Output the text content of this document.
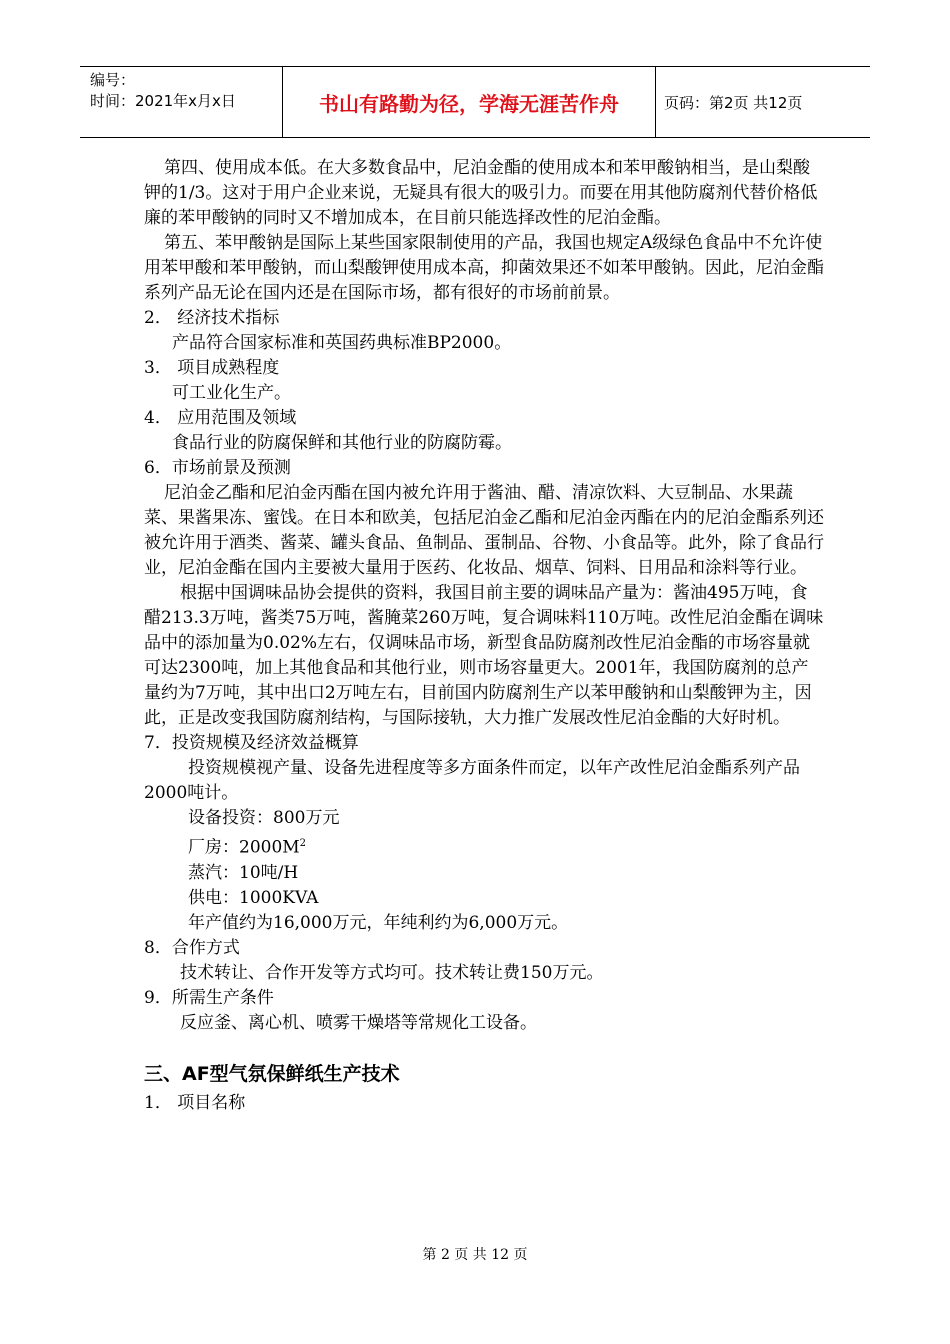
编号：
时间：2021年x月x日	书山有路勤为径，学海无涯苦作舟	页码：第2页 共12页

第四、使用成本低。在大多数食品中，尼泊金酯的使用成本和苯甲酸钠相当，是山梨酸钾的1/3。这对于用户企业来说，无疑具有很大的吸引力。而要在用其他防腐剂代替价格低廉的苯甲酸钠的同时又不增加成本，在目前只能选择改性的尼泊金酯。

第五、苯甲酸钠是国际上某些国家限制使用的产品，我国也规定A级绿色食品中不允许使用苯甲酸和苯甲酸钠，而山梨酸钾使用成本高，抑菌效果还不如苯甲酸钠。因此，尼泊金酯系列产品无论在国内还是在国际市场，都有很好的市场前前景。

2． 经济技术指标

产品符合国家标准和英国药典标准BP2000。

3． 项目成熟程度

可工业化生产。

4． 应用范围及领域

食品行业的防腐保鲜和其他行业的防腐防霉。

6．市场前景及预测

尼泊金乙酯和尼泊金丙酯在国内被允许用于酱油、醋、清凉饮料、大豆制品、水果蔬菜、果酱果冻、蜜饯。在日本和欧美，包括尼泊金乙酯和尼泊金丙酯在内的尼泊金酯系列还被允许用于酒类、酱菜、罐头食品、鱼制品、蛋制品、谷物、小食品等。此外，除了食品行业，尼泊金酯在国内主要被大量用于医药、化妆品、烟草、饲料、日用品和涂料等行业。

根据中国调味品协会提供的资料，我国目前主要的调味品产量为：酱油495万吨，食醋213.3万吨，酱类75万吨，酱腌菜260万吨，复合调味料110万吨。改性尼泊金酯在调味品中的添加量为0.02%左右，仅调味品市场，新型食品防腐剂改性尼泊金酯的市场容量就可达2300吨，加上其他食品和其他行业，则市场容量更大。2001年，我国防腐剂的总产量约为7万吨，其中出口2万吨左右，目前国内防腐剂生产以苯甲酸钠和山梨酸钾为主，因此，正是改变我国防腐剂结构，与国际接轨，大力推广发展改性尼泊金酯的大好时机。

7．投资规模及经济效益概算

投资规模视产量、设备先进程度等多方面条件而定，以年产改性尼泊金酯系列产品2000吨计。

设备投资：800万元

厂房：$2000M^2$

蒸汽：10吨/H

供电：1000KVA

年产值约为16,000万元，年纯利约为6,000万元。

8．合作方式

技术转让、合作开发等方式均可。技术转让费150万元。

9．所需生产条件

反应釜、离心机、喷雾干燥塔等常规化工设备。

三、AF型气氛保鲜纸生产技术

1． 项目名称

第 2 页 共 12 页
